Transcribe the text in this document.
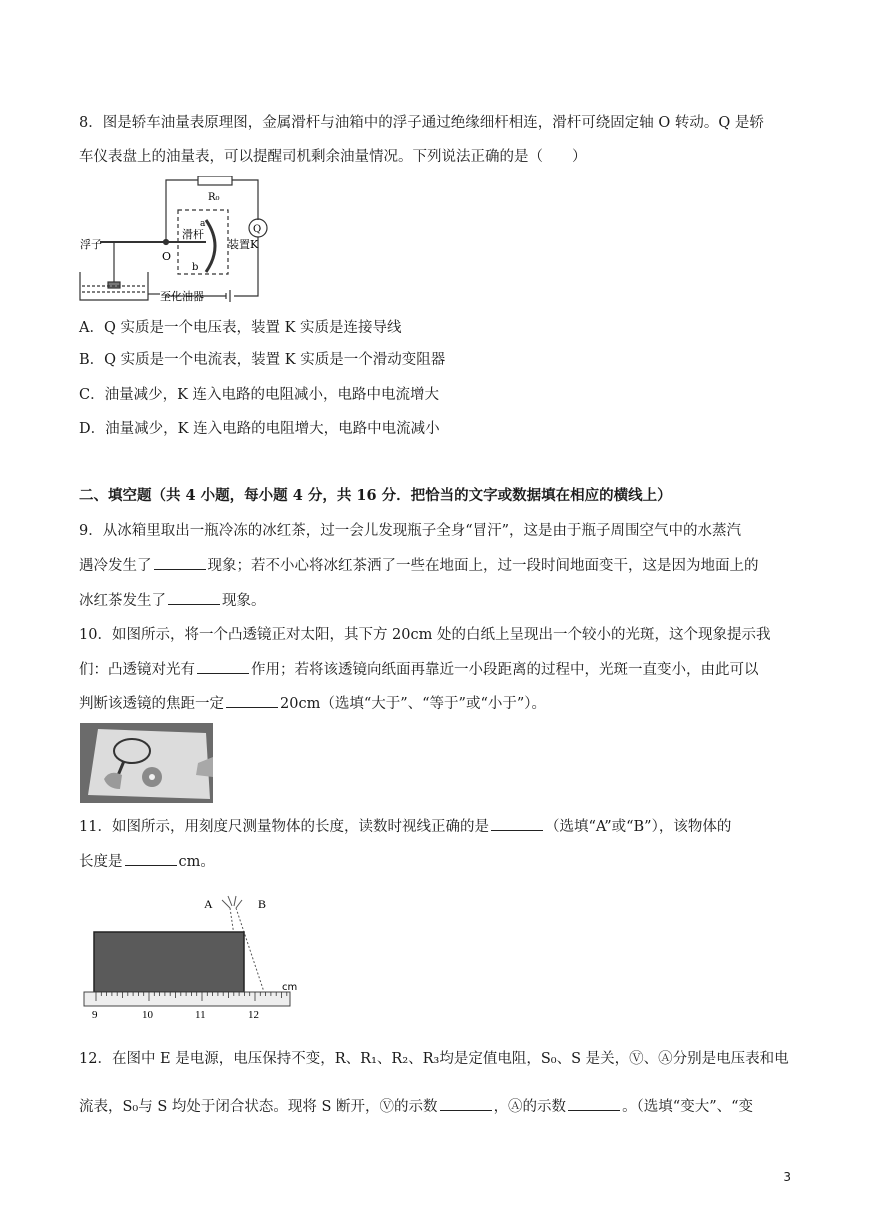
8．图是轿车油量表原理图，金属滑杆与油箱中的浮子通过绝缘细杆相连，滑杆可绕固定轴 O 转动。Q 是轿
车仪表盘上的油量表，可以提醒司机剩余油量情况。下列说法正确的是（　　）
R₀
Q
滑杆
a
b
装置K
浮子
O
至化油器
A．Q 实质是一个电压表，装置 K 实质是连接导线
B．Q 实质是一个电流表，装置 K 实质是一个滑动变阻器
C．油量减少，K 连入电路的电阻减小，电路中电流增大
D．油量减少，K 连入电路的电阻增大，电路中电流减小
二、填空题（共 4 小题，每小题 4 分，共 16 分．把恰当的文字或数据填在相应的横线上）
9．从冰箱里取出一瓶冷冻的冰红茶，过一会儿发现瓶子全身“冒汗”，这是由于瓶子周围空气中的水蒸汽
遇冷发生了	现象；若不小心将冰红茶洒了一些在地面上，过一段时间地面变干，这是因为地面上的
冰红茶发生了	现象。
10．如图所示，将一个凸透镜正对太阳，其下方 20cm 处的白纸上呈现出一个较小的光斑，这个现象提示我
们：凸透镜对光有	作用；若将该透镜向纸面再靠近一小段距离的过程中，光斑一直变小，由此可以
判断该透镜的焦距一定	20cm（选填“大于”、“等于”或“小于”）。
11．如图所示，用刻度尺测量物体的长度，读数时视线正确的是	（选填“A”或“B”），该物体的
长度是	cm。
A	B
cm
9	10	11	12
12．在图中 E 是电源，电压保持不变，R、R₁、R₂、R₃均是定值电阻，S₀、S 是关，Ⓥ、Ⓐ分别是电压表和电
流表，S₀与 S 均处于闭合状态。现将 S 断开，Ⓥ的示数	，Ⓐ的示数	。（选填“变大”、“变
3
